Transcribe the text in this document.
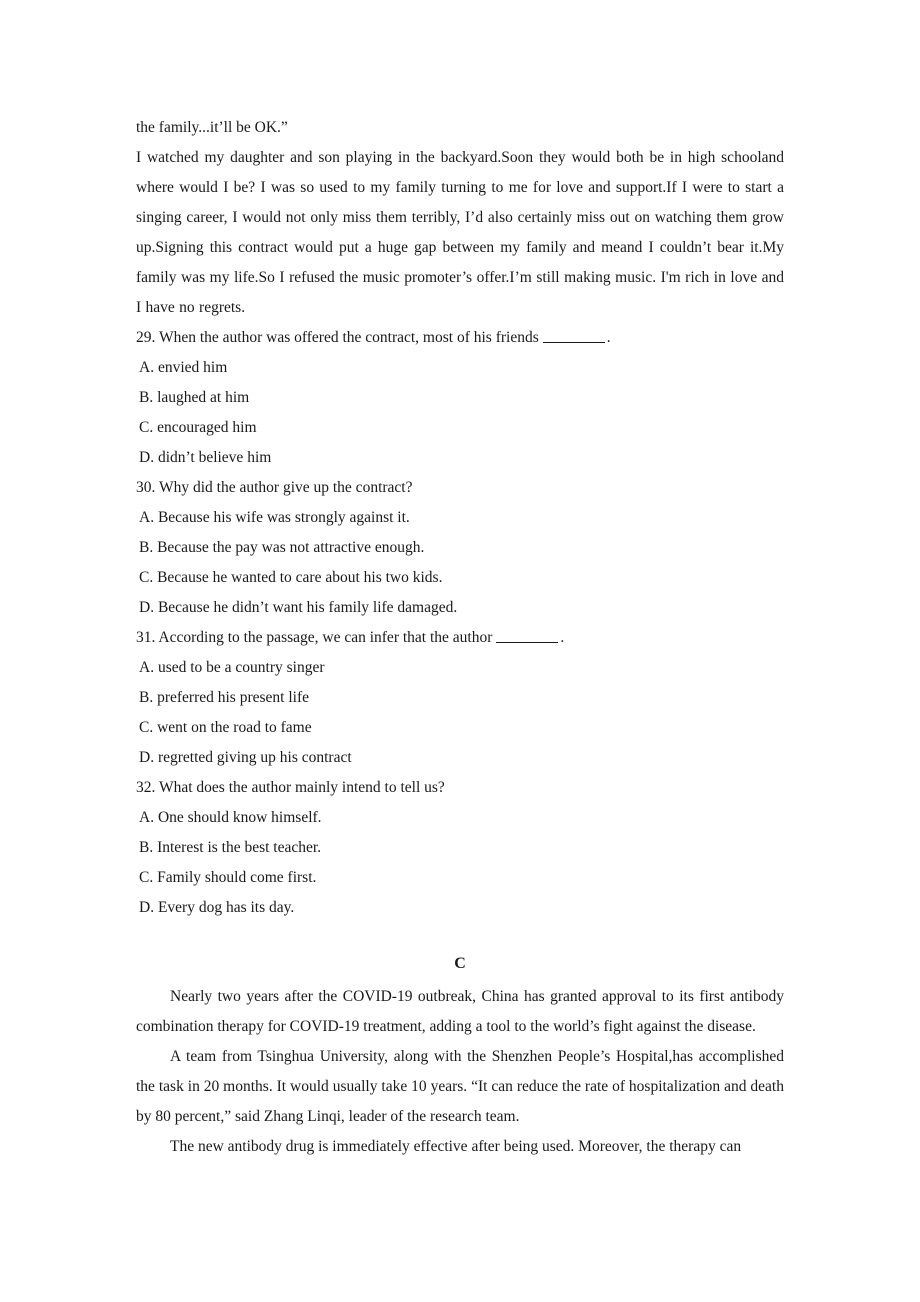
the family...it’ll be OK.”

I watched my daughter and son playing in the backyard.Soon they would both be in high schooland where would I be? I was so used to my family turning to me for love and support.If I were to start a singing career, I would not only miss them terribly, I’d also certainly miss out on watching them grow up.Signing this contract would put a huge gap between my family and meand I couldn’t bear it.My family was my life.So I refused the music promoter’s offer.I’m still making music. I'm rich in love and I have no regrets.

29. When the author was offered the contract, most of his friends	.

A. envied him

B. laughed at him

C. encouraged him

D. didn’t believe him

30. Why did the author give up the contract?

A. Because his wife was strongly against it.

B. Because the pay was not attractive enough.

C. Because he wanted to care about his two kids.

D. Because he didn’t want his family life damaged.

31. According to the passage, we can infer that the author	.

A. used to be a country singer

B. preferred his present life

C. went on the road to fame

D. regretted giving up his contract

32. What does the author mainly intend to tell us?

A. One should know himself.

B. Interest is the best teacher.

C. Family should come first.

D. Every dog has its day.

C

Nearly two years after the COVID-19 outbreak, China has granted approval to its first antibody combination therapy for COVID-19 treatment, adding a tool to the world’s fight against the disease.

A team from Tsinghua University, along with the Shenzhen People’s Hospital,has accomplished the task in 20 months. It would usually take 10 years. “It can reduce the rate of hospitalization and death by 80 percent,” said Zhang Linqi, leader of the research team.

The new antibody drug is immediately effective after being used. Moreover, the therapy can
